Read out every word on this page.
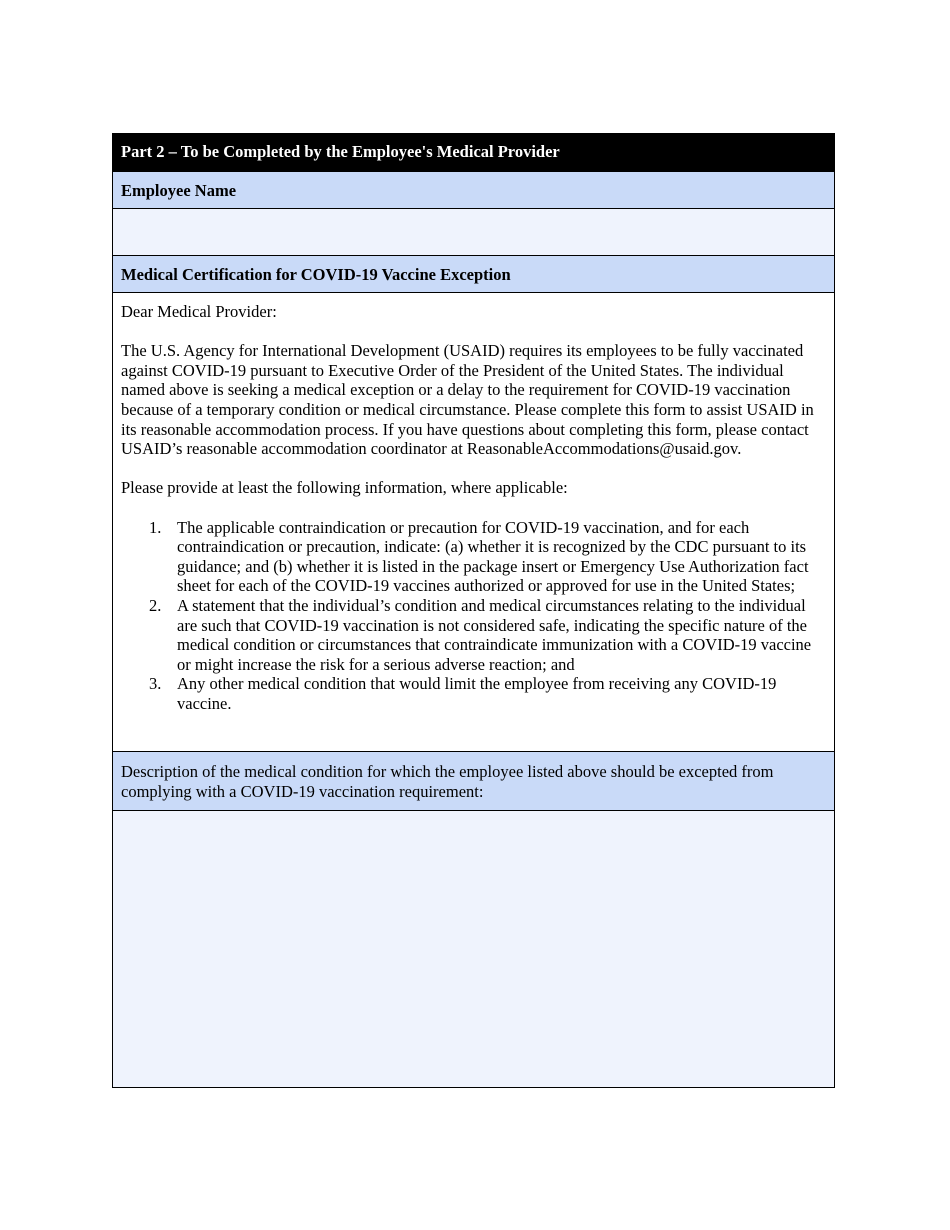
Part 2 – To be Completed by the Employee's Medical Provider
Employee Name
Medical Certification for COVID-19 Vaccine Exception

Dear Medical Provider:

The U.S. Agency for International Development (USAID) requires its employees to be fully vaccinated against COVID-19 pursuant to Executive Order of the President of the United States. The individual named above is seeking a medical exception or a delay to the requirement for COVID-19 vaccination because of a temporary condition or medical circumstance. Please complete this form to assist USAID in its reasonable accommodation process. If you have questions about completing this form, please contact USAID’s reasonable accommodation coordinator at ReasonableAccommodations@usaid.gov.

Please provide at least the following information, where applicable:

1. The applicable contraindication or precaution for COVID-19 vaccination, and for each contraindication or precaution, indicate: (a) whether it is recognized by the CDC pursuant to its guidance; and (b) whether it is listed in the package insert or Emergency Use Authorization fact sheet for each of the COVID-19 vaccines authorized or approved for use in the United States;
2. A statement that the individual’s condition and medical circumstances relating to the individual are such that COVID-19 vaccination is not considered safe, indicating the specific nature of the medical condition or circumstances that contraindicate immunization with a COVID-19 vaccine or might increase the risk for a serious adverse reaction; and
3. Any other medical condition that would limit the employee from receiving any COVID-19 vaccine.
Description of the medical condition for which the employee listed above should be excepted from complying with a COVID-19 vaccination requirement:
